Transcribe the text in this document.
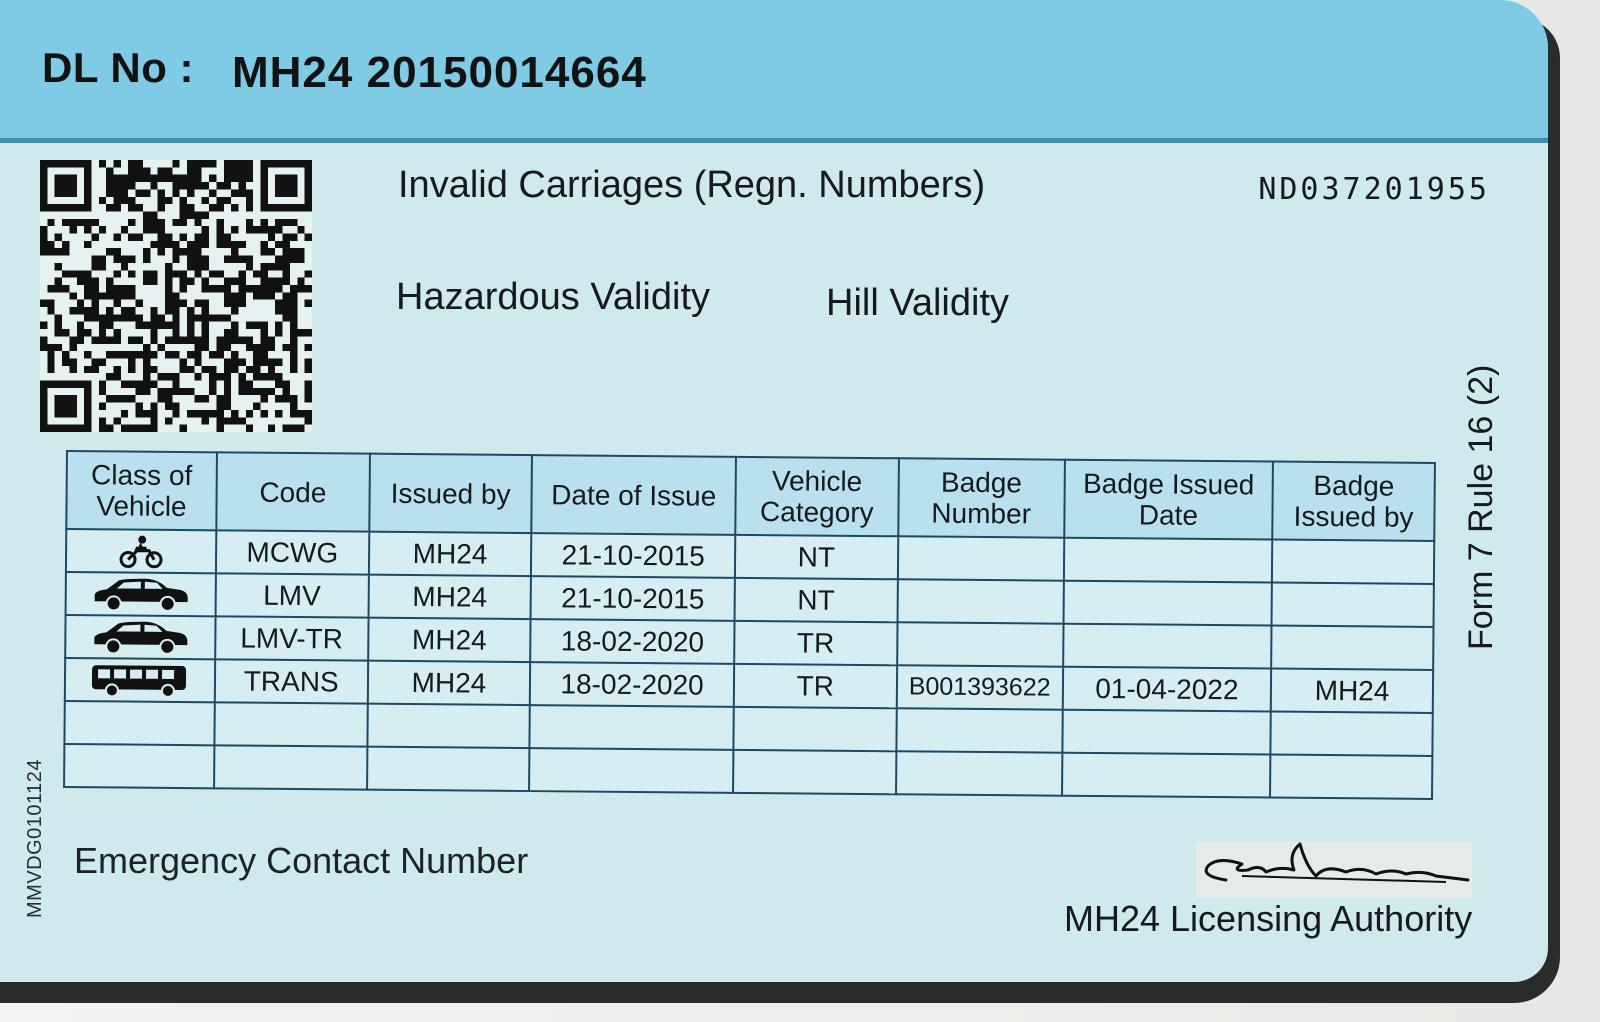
DL No : MH24 20150014664
Invalid Carriages (Regn. Numbers)	ND037201955
Hazardous Validity	Hill Validity
Form 7 Rule 16 (2)
MMVDG0101124
Class of Vehicle	Code	Issued by	Date of Issue	Vehicle Category	Badge Number	Badge Issued Date	Badge Issued by
	MCWG	MH24	21-10-2015	NT			
	LMV	MH24	21-10-2015	NT			
	LMV-TR	MH24	18-02-2020	TR			
	TRANS	MH24	18-02-2020	TR	B001393622	01-04-2022	MH24

Emergency Contact Number
MH24 Licensing Authority
